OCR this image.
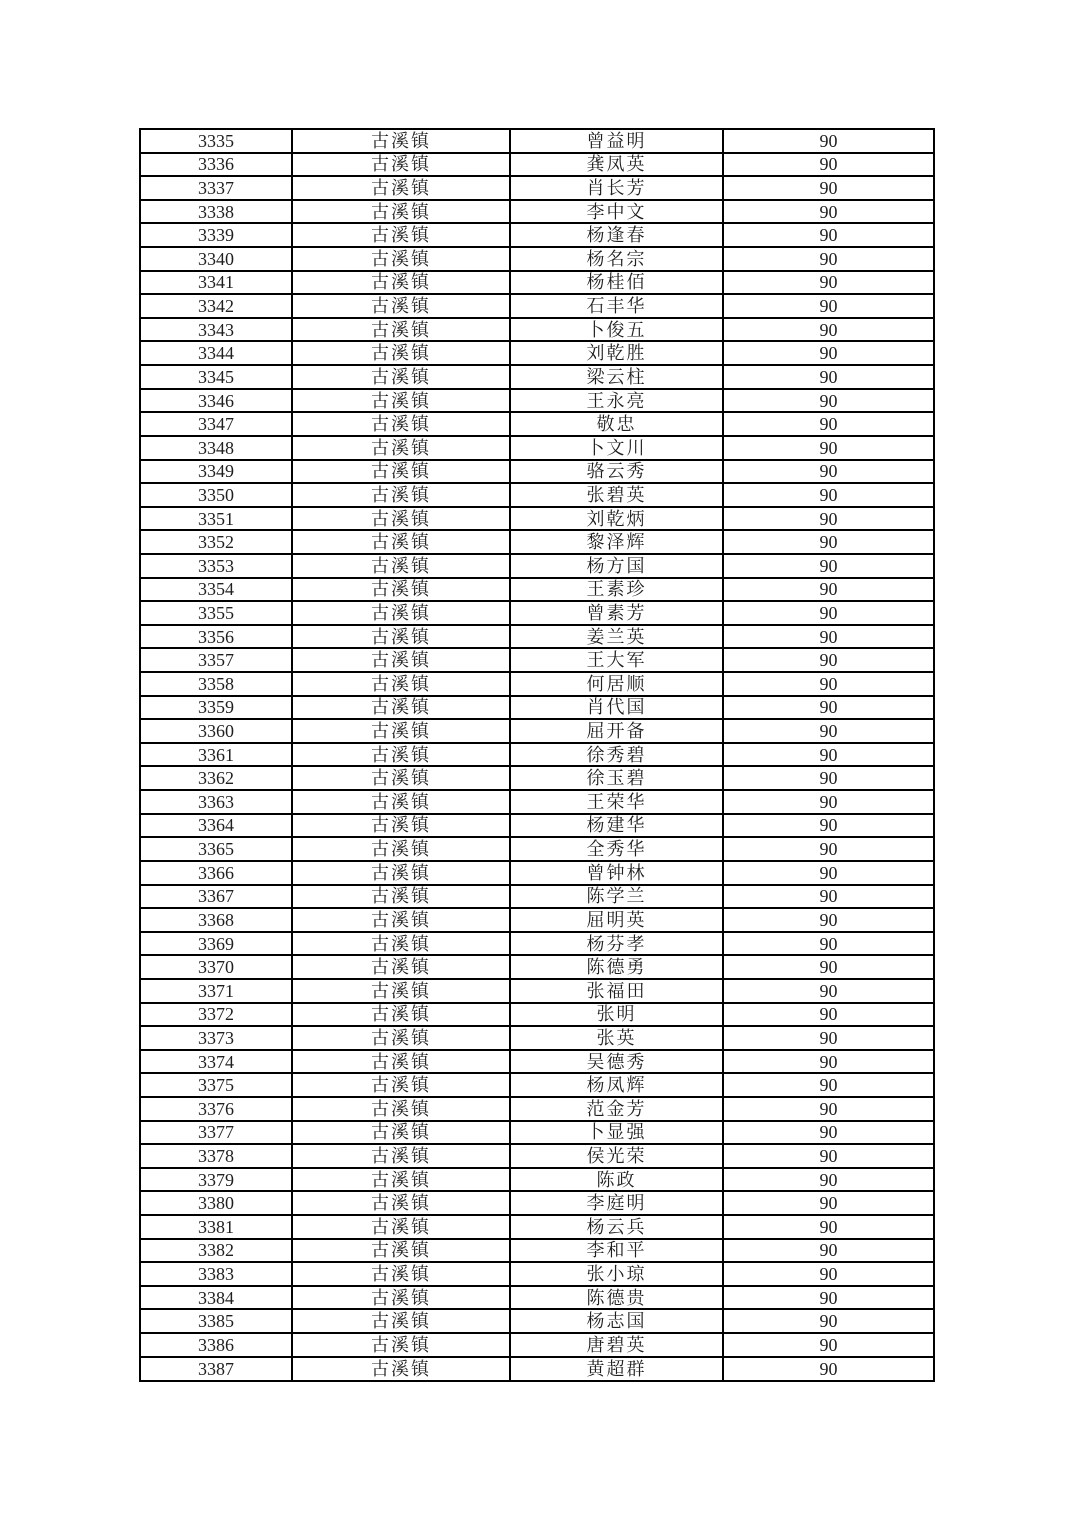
3335	古溪镇	曾益明	90
3336	古溪镇	龚凤英	90
3337	古溪镇	肖长芳	90
3338	古溪镇	李中文	90
3339	古溪镇	杨逢春	90
3340	古溪镇	杨名宗	90
3341	古溪镇	杨桂佰	90
3342	古溪镇	石丰华	90
3343	古溪镇	卜俊五	90
3344	古溪镇	刘乾胜	90
3345	古溪镇	梁云柱	90
3346	古溪镇	王永亮	90
3347	古溪镇	敬忠	90
3348	古溪镇	卜文川	90
3349	古溪镇	骆云秀	90
3350	古溪镇	张碧英	90
3351	古溪镇	刘乾炳	90
3352	古溪镇	黎泽辉	90
3353	古溪镇	杨方国	90
3354	古溪镇	王素珍	90
3355	古溪镇	曾素芳	90
3356	古溪镇	姜兰英	90
3357	古溪镇	王大军	90
3358	古溪镇	何居顺	90
3359	古溪镇	肖代国	90
3360	古溪镇	屈开备	90
3361	古溪镇	徐秀碧	90
3362	古溪镇	徐玉碧	90
3363	古溪镇	王荣华	90
3364	古溪镇	杨建华	90
3365	古溪镇	全秀华	90
3366	古溪镇	曾钟林	90
3367	古溪镇	陈学兰	90
3368	古溪镇	屈明英	90
3369	古溪镇	杨芬孝	90
3370	古溪镇	陈德勇	90
3371	古溪镇	张福田	90
3372	古溪镇	张明	90
3373	古溪镇	张英	90
3374	古溪镇	吴德秀	90
3375	古溪镇	杨凤辉	90
3376	古溪镇	范金芳	90
3377	古溪镇	卜显强	90
3378	古溪镇	侯光荣	90
3379	古溪镇	陈政	90
3380	古溪镇	李庭明	90
3381	古溪镇	杨云兵	90
3382	古溪镇	李和平	90
3383	古溪镇	张小琼	90
3384	古溪镇	陈德贵	90
3385	古溪镇	杨志国	90
3386	古溪镇	唐碧英	90
3387	古溪镇	黄超群	90
